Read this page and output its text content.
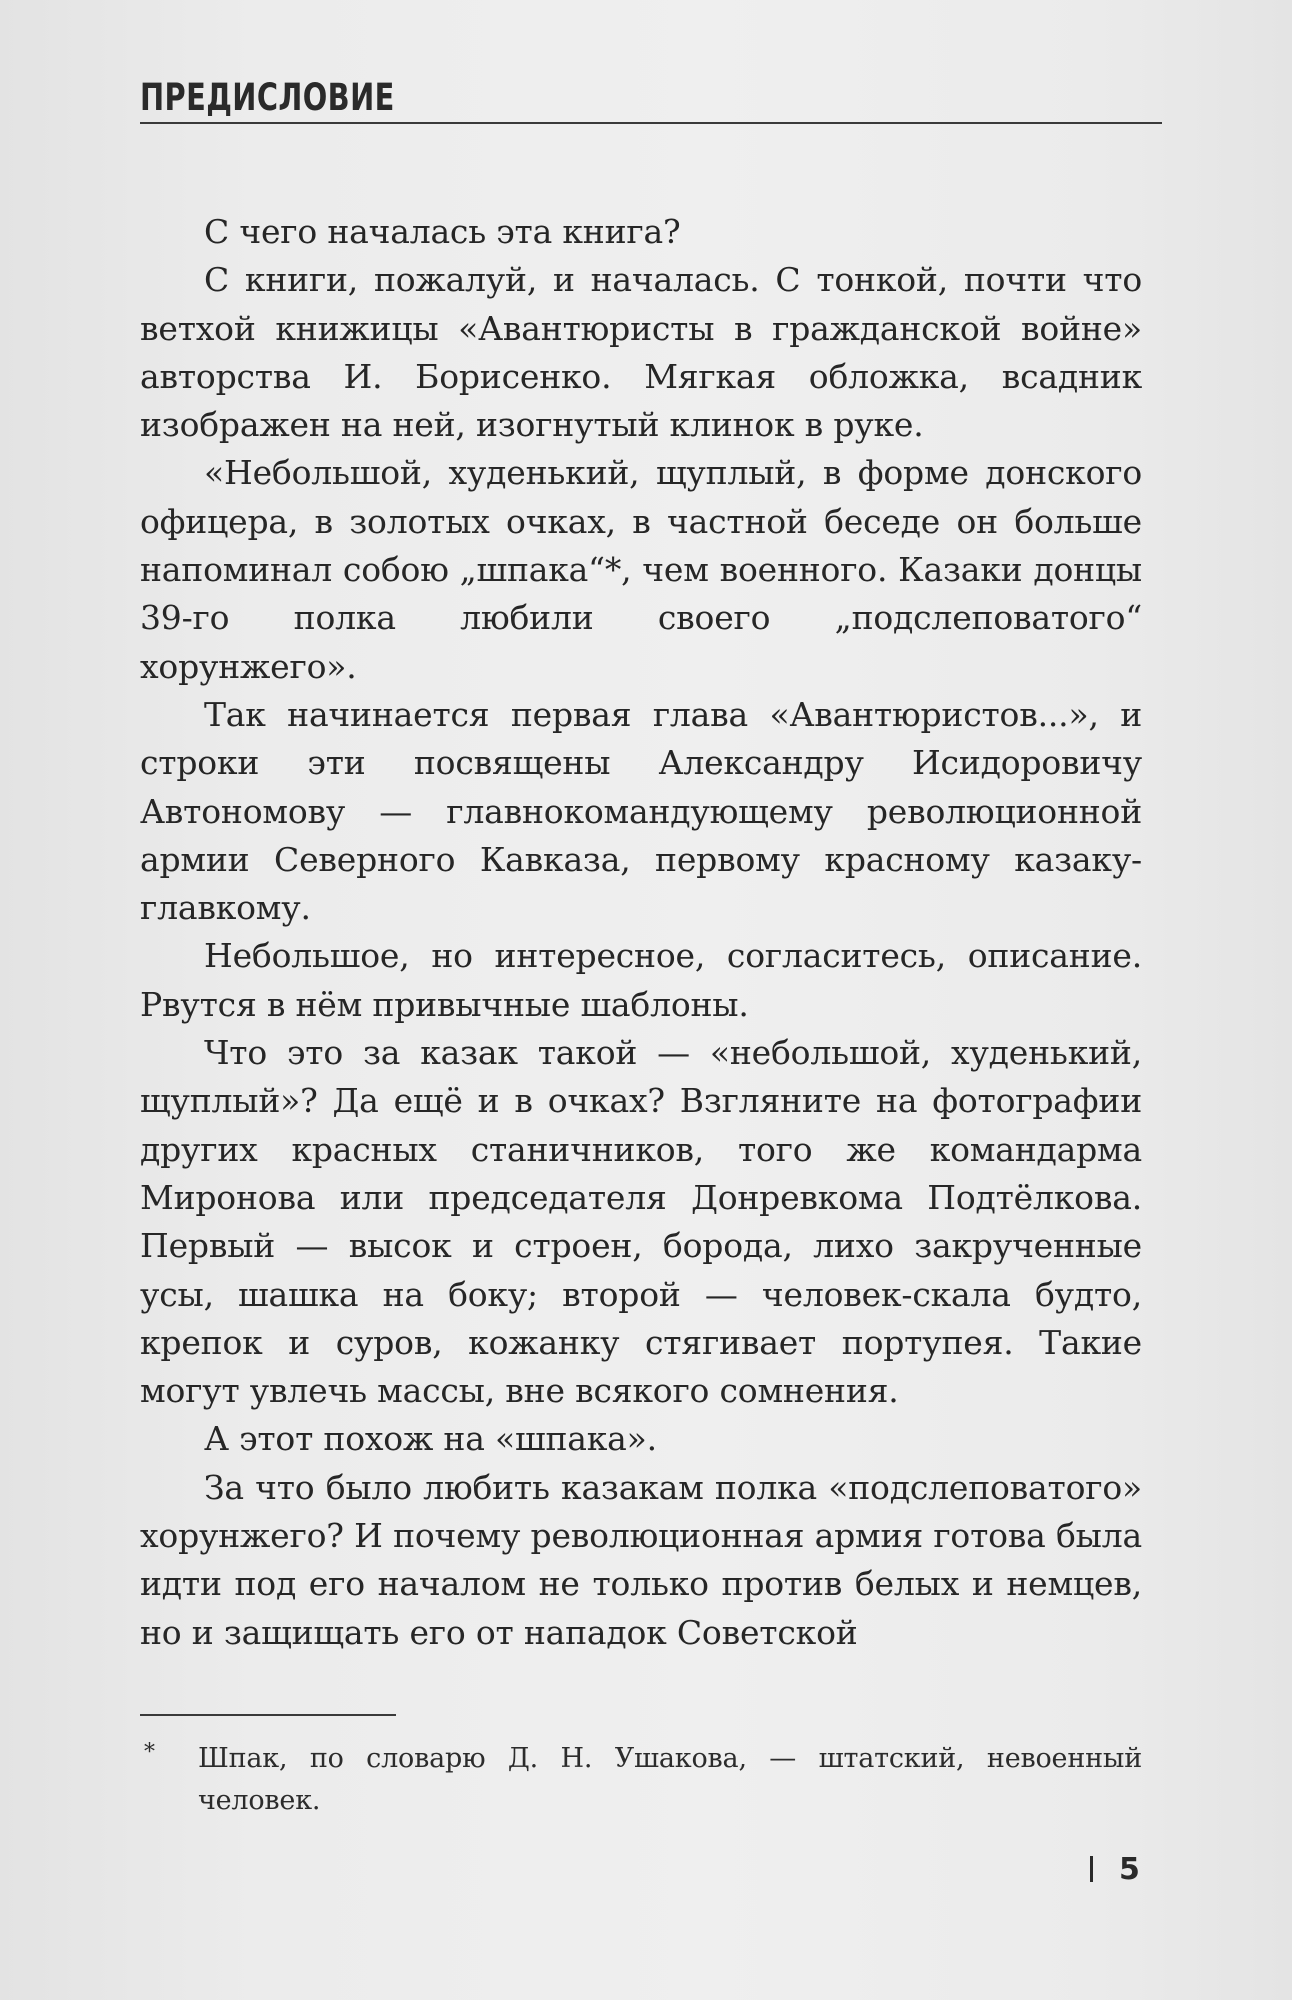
ПРЕДИСЛОВИЕ

С чего началась эта книга?

С книги, пожалуй, и началась. С тонкой, почти что ветхой книжицы «Авантюристы в гражданской войне» авторства И. Борисенко. Мягкая обложка, всадник изображен на ней, изогнутый клинок в руке.

«Небольшой, худенький, щуплый, в форме донского офицера, в золотых очках, в частной беседе он больше напоминал собою „шпака“*, чем военного. Казаки донцы 39-го полка любили своего „подслеповатого“ хорунжего».

Так начинается первая глава «Авантюристов...», и строки эти посвящены Александру Исидоровичу Автономову — главнокомандующему революционной армии Северного Кавказа, первому красному казаку-главкому.

Небольшое, но интересное, согласитесь, описание. Рвутся в нём привычные шаблоны.

Что это за казак такой — «небольшой, худенький, щуплый»? Да ещё и в очках? Взгляните на фотографии других красных станичников, того же командарма Миронова или председателя Донревкома Подтёлкова. Первый — высок и строен, борода, лихо закрученные усы, шашка на боку; второй — человек-скала будто, крепок и суров, кожанку стягивает портупея. Такие могут увлечь массы, вне всякого сомнения.

А этот похож на «шпака».

За что было любить казакам полка «подслеповатого» хорунжего? И почему революционная армия готова была идти под его началом не только против белых и немцев, но и защищать его от нападок Советской

* Шпак, по словарю Д. Н. Ушакова, — штатский, невоенный человек.
5
